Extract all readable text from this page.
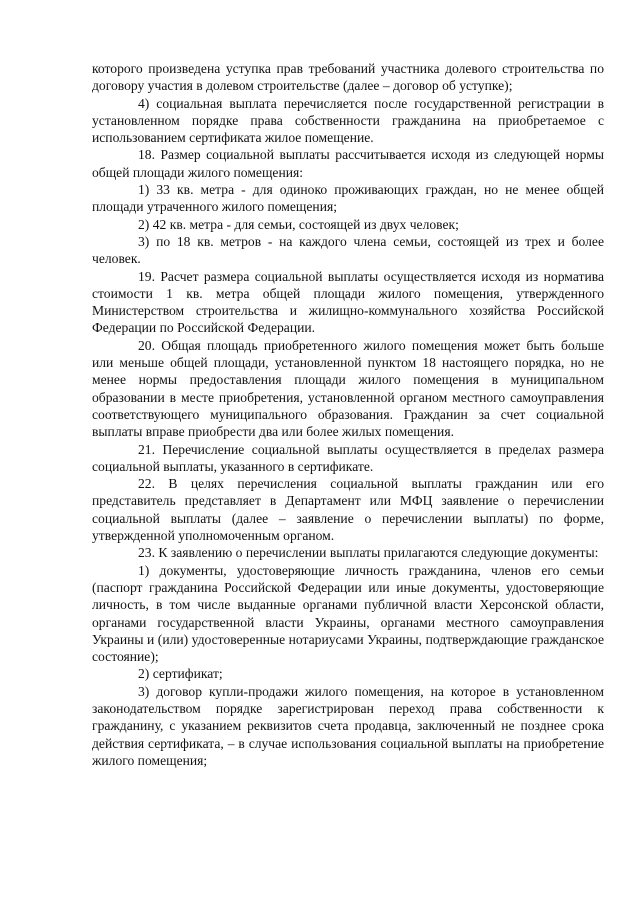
которого произведена уступка прав требований участника долевого строительства по договору участия в долевом строительстве (далее – договор об уступке);

4) социальная выплата перечисляется после государственной регистрации в установленном порядке права собственности гражданина на приобретаемое с использованием сертификата жилое помещение.

18. Размер социальной выплаты рассчитывается исходя из следующей нормы общей площади жилого помещения:

1) 33 кв. метра - для одиноко проживающих граждан, но не менее общей площади утраченного жилого помещения;

2) 42 кв. метра - для семьи, состоящей из двух человек;

3) по 18 кв. метров - на каждого члена семьи, состоящей из трех и более человек.

19. Расчет размера социальной выплаты осуществляется исходя из норматива стоимости 1 кв. метра общей площади жилого помещения, утвержденного Министерством строительства и жилищно-коммунального хозяйства Российской Федерации по Российской Федерации.

20. Общая площадь приобретенного жилого помещения может быть больше или меньше общей площади, установленной пунктом 18 настоящего порядка, но не менее нормы предоставления площади жилого помещения в муниципальном образовании в месте приобретения, установленной органом местного самоуправления соответствующего муниципального образования. Гражданин за счет социальной выплаты вправе приобрести два или более жилых помещения.

21. Перечисление социальной выплаты осуществляется в пределах размера социальной выплаты, указанного в сертификате.

22. В целях перечисления социальной выплаты гражданин или его представитель представляет в Департамент или МФЦ заявление о перечислении социальной выплаты (далее – заявление о перечислении выплаты) по форме, утвержденной уполномоченным органом.

23. К заявлению о перечислении выплаты прилагаются следующие документы:

1) документы, удостоверяющие личность гражданина, членов его семьи (паспорт гражданина Российской Федерации или иные документы, удостоверяющие личность, в том числе выданные органами публичной власти Херсонской области, органами государственной власти Украины, органами местного самоуправления Украины и (или) удостоверенные нотариусами Украины, подтверждающие гражданское состояние);

2) сертификат;

3) договор купли-продажи жилого помещения, на которое в установленном законодательством порядке зарегистрирован переход права собственности к гражданину, с указанием реквизитов счета продавца, заключенный не позднее срока действия сертификата, – в случае использования социальной выплаты на приобретение жилого помещения;
